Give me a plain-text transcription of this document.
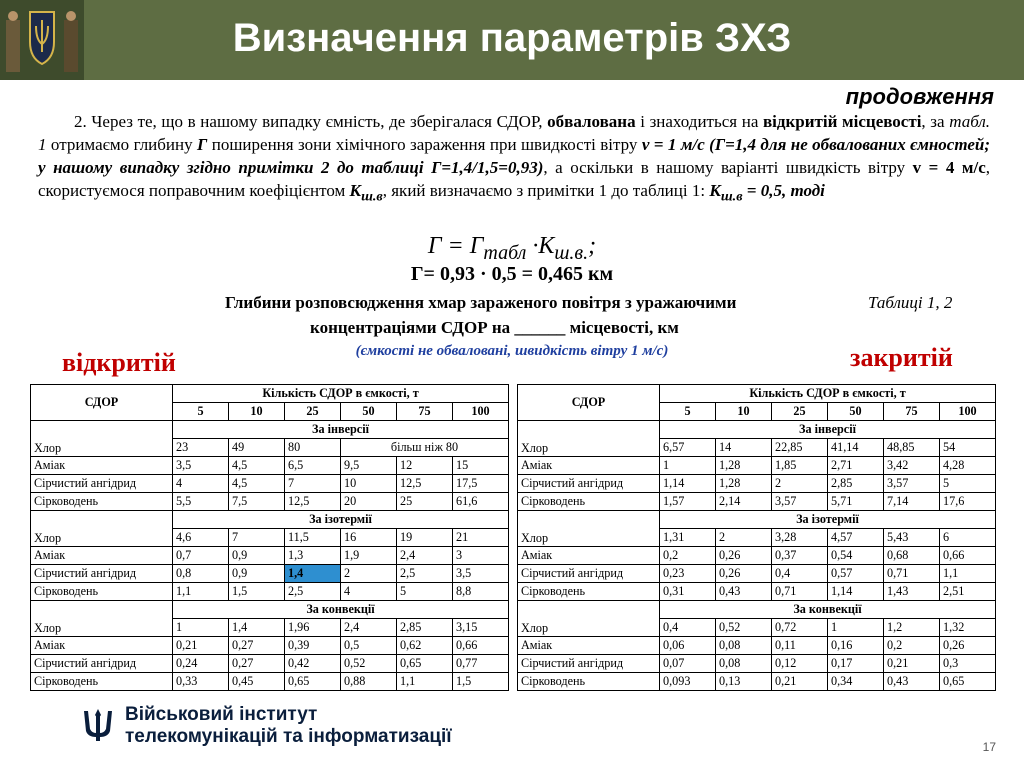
Визначення параметрів ЗХЗ
продовження
2. Через те, що в нашому випадку ємність, де зберігалася СДОР, обвалована і знаходиться на відкритій місцевості, за табл. 1 отримаємо глибину Г поширення зони хімічного зараження при швидкості вітру v = 1 м/с (Г=1,4 для не обвалованих ємностей; у нашому випадку згідно примітки 2 до таблиці Г=1,4/1,5=0,93), а оскільки в нашому варіанті швидкість вітру v = 4 м/с, скористуємося поправочним коефіцієнтом $К_{ш.в}$, який визначаємо з примітки 1 до таблиці 1: $К_{ш.в} = 0,5$, тоді
$Г = Г_{табл} \cdot К_{ш.в.}$;
Г= 0,93 · 0,5 = 0,465 км
Глибини розповсюдження хмар зараженого повітря з уражаючими	Таблиці 1, 2
концентраціями СДОР на ______ місцевості, км
(ємкості не обваловані, швидкість вітру 1 м/с)
відкритій	закритій
СДОР	Кількість СДОР в ємкості, т					
	5	10	25	50	75	100
Хлор	За інверсії					
	23	49	80	більш ніж 80		
Аміак	3,5	4,5	6,5	9,5	12	15
Сірчистий ангідрид	4	4,5	7	10	12,5	17,5
Сірководень	5,5	7,5	12,5	20	25	61,6
Хлор	За ізотермії					
	4,6	7	11,5	16	19	21
Аміак	0,7	0,9	1,3	1,9	2,4	3
Сірчистий ангідрид	0,8	0,9	1,4	2	2,5	3,5
Сірководень	1,1	1,5	2,5	4	5	8,8
Хлор	За конвекції					
	1	1,4	1,96	2,4	2,85	3,15
Аміак	0,21	0,27	0,39	0,5	0,62	0,66
Сірчистий ангідрид	0,24	0,27	0,42	0,52	0,65	0,77
Сірководень	0,33	0,45	0,65	0,88	1,1	1,5
СДОР	Кількість СДОР в ємкості, т					
	5	10	25	50	75	100
Хлор	За інверсії					
	6,57	14	22,85	41,14	48,85	54
Аміак	1	1,28	1,85	2,71	3,42	4,28
Сірчистий ангідрид	1,14	1,28	2	2,85	3,57	5
Сірководень	1,57	2,14	3,57	5,71	7,14	17,6
Хлор	За ізотермії					
	1,31	2	3,28	4,57	5,43	6
Аміак	0,2	0,26	0,37	0,54	0,68	0,66
Сірчистий ангідрид	0,23	0,26	0,4	0,57	0,71	1,1
Сірководень	0,31	0,43	0,71	1,14	1,43	2,51
Хлор	За конвекції					
	0,4	0,52	0,72	1	1,2	1,32
Аміак	0,06	0,08	0,11	0,16	0,2	0,26
Сірчистий ангідрид	0,07	0,08	0,12	0,17	0,21	0,3
Сірководень	0,093	0,13	0,21	0,34	0,43	0,65
Військовий інститут
телекомунікацій та інформатизації	17
